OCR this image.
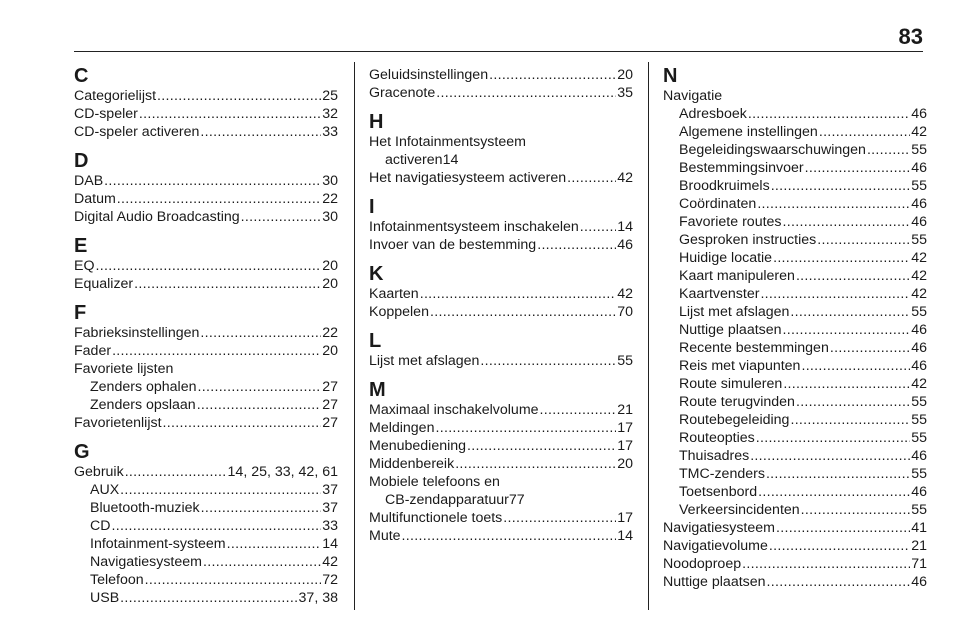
83
C
Categorielijst .....	25
CD-speler .....	32
CD-speler activeren .....	33
D
DAB .....	30
Datum .....	22
Digital Audio Broadcasting .....	30
E
EQ .....	20
Equalizer .....	20
F
Fabrieksinstellingen .....	22
Fader .....	20
Favoriete lijsten
Zenders ophalen .....	27
Zenders opslaan .....	27
Favorietenlijst .....	27
G
Gebruik .....	14, 25, 33, 42, 61
AUX .....	37
Bluetooth-muziek .....	37
CD .....	33
Infotainment-systeem .....	14
Navigatiesysteem .....	42
Telefoon .....	72
USB .....	37, 38
Geluidsinstellingen .....	20
Gracenote .....	35
H
Het Infotainmentsysteem
activeren 14
Het navigatiesysteem activeren .....	42
I
Infotainmentsysteem inschakelen .....	14
Invoer van de bestemming .....	46
K
Kaarten .....	42
Koppelen .....	70
L
Lijst met afslagen .....	55
M
Maximaal inschakelvolume .....	21
Meldingen .....	17
Menubediening .....	17
Middenbereik .....	20
Mobiele telefoons en
CB-zendapparatuur 77
Multifunctionele toets .....	17
Mute .....	14
N
Navigatie
Adresboek .....	46
Algemene instellingen .....	42
Begeleidingswaarschuwingen .....	55
Bestemmingsinvoer .....	46
Broodkruimels .....	55
Coördinaten .....	46
Favoriete routes .....	46
Gesproken instructies .....	55
Huidige locatie .....	42
Kaart manipuleren .....	42
Kaartvenster .....	42
Lijst met afslagen .....	55
Nuttige plaatsen .....	46
Recente bestemmingen .....	46
Reis met viapunten .....	46
Route simuleren .....	42
Route terugvinden .....	55
Routebegeleiding .....	55
Routeopties .....	55
Thuisadres .....	46
TMC-zenders .....	55
Toetsenbord .....	46
Verkeersincidenten .....	55
Navigatiesysteem .....	41
Navigatievolume .....	21
Noodoproep .....	71
Nuttige plaatsen .....	46
